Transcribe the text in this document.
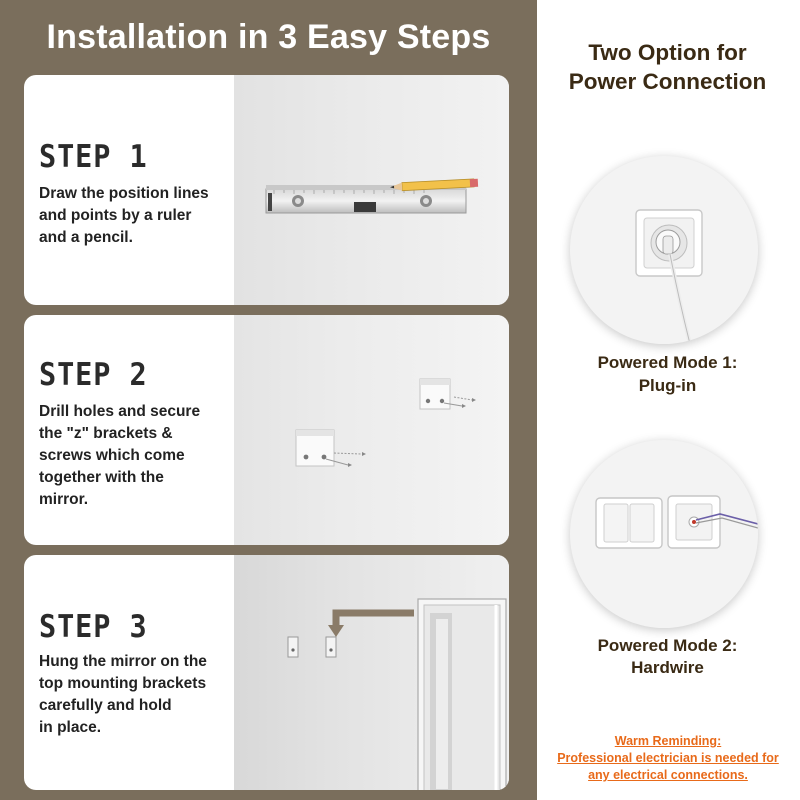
Installation in 3 Easy Steps
STEP 1
Draw the position lines
and points by a ruler
and a pencil.
STEP 2
Drill holes and secure
the "z" brackets &
screws which come
together with the
mirror.
STEP 3
Hung the mirror on the
top mounting brackets
carefully and hold
in place.
Two Option for
Power Connection
Powered Mode 1:
Plug-in
Powered Mode 2:
Hardwire
Warm Reminding:
Professional electrician is needed for
any electrical connections.
